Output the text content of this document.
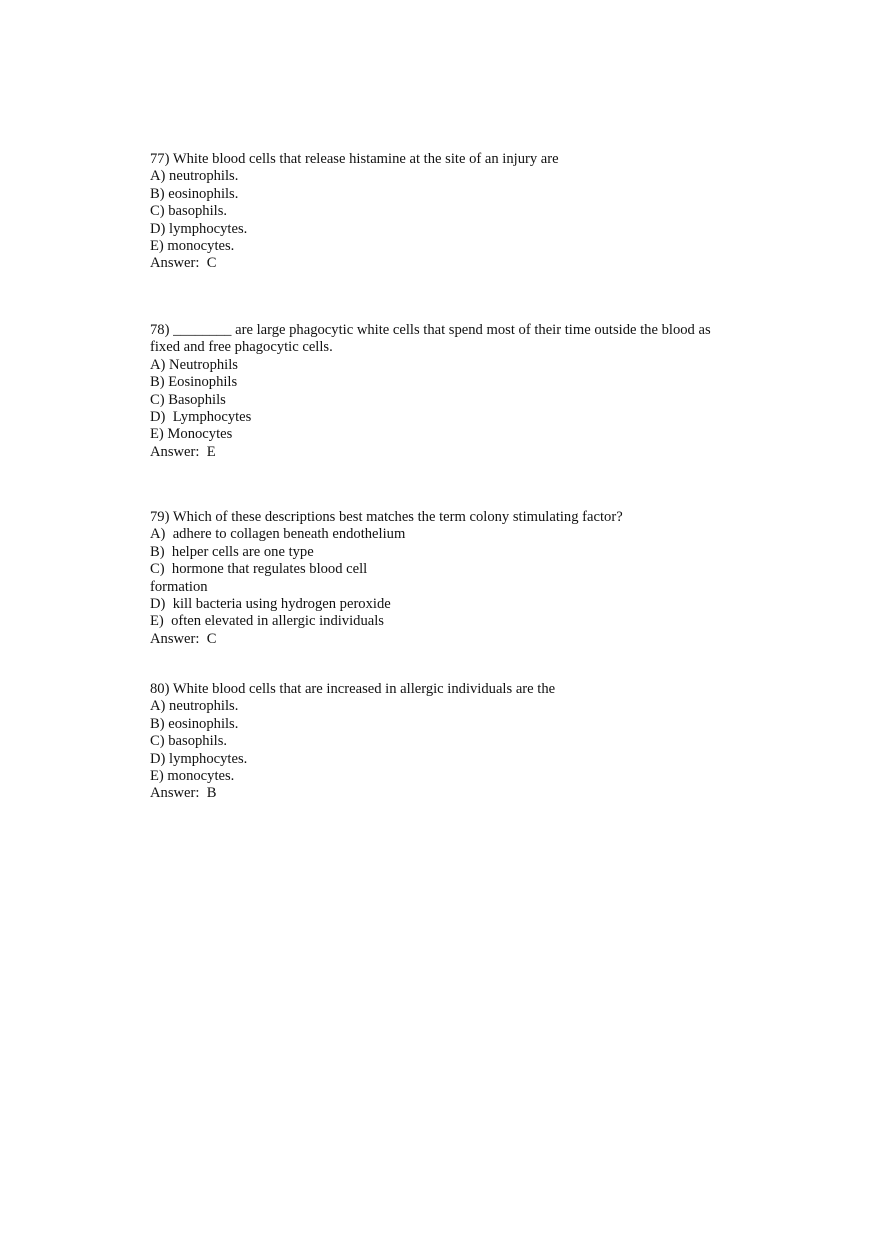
77) White blood cells that release histamine at the site of an injury are
A) neutrophils.
B) eosinophils.
C) basophils.
D) lymphocytes.
E) monocytes.
Answer:  C
78) ________ are large phagocytic white cells that spend most of their time outside the blood as
fixed and free phagocytic cells.
A) Neutrophils
B) Eosinophils
C) Basophils
D)  Lymphocytes
E) Monocytes
Answer:  E
79) Which of these descriptions best matches the term colony stimulating factor?
A)  adhere to collagen beneath endothelium
B)  helper cells are one type
C)  hormone that regulates blood cell
formation
D)  kill bacteria using hydrogen peroxide
E)  often elevated in allergic individuals
Answer:  C
80) White blood cells that are increased in allergic individuals are the
A) neutrophils.
B) eosinophils.
C) basophils.
D) lymphocytes.
E) monocytes.
Answer:  B
